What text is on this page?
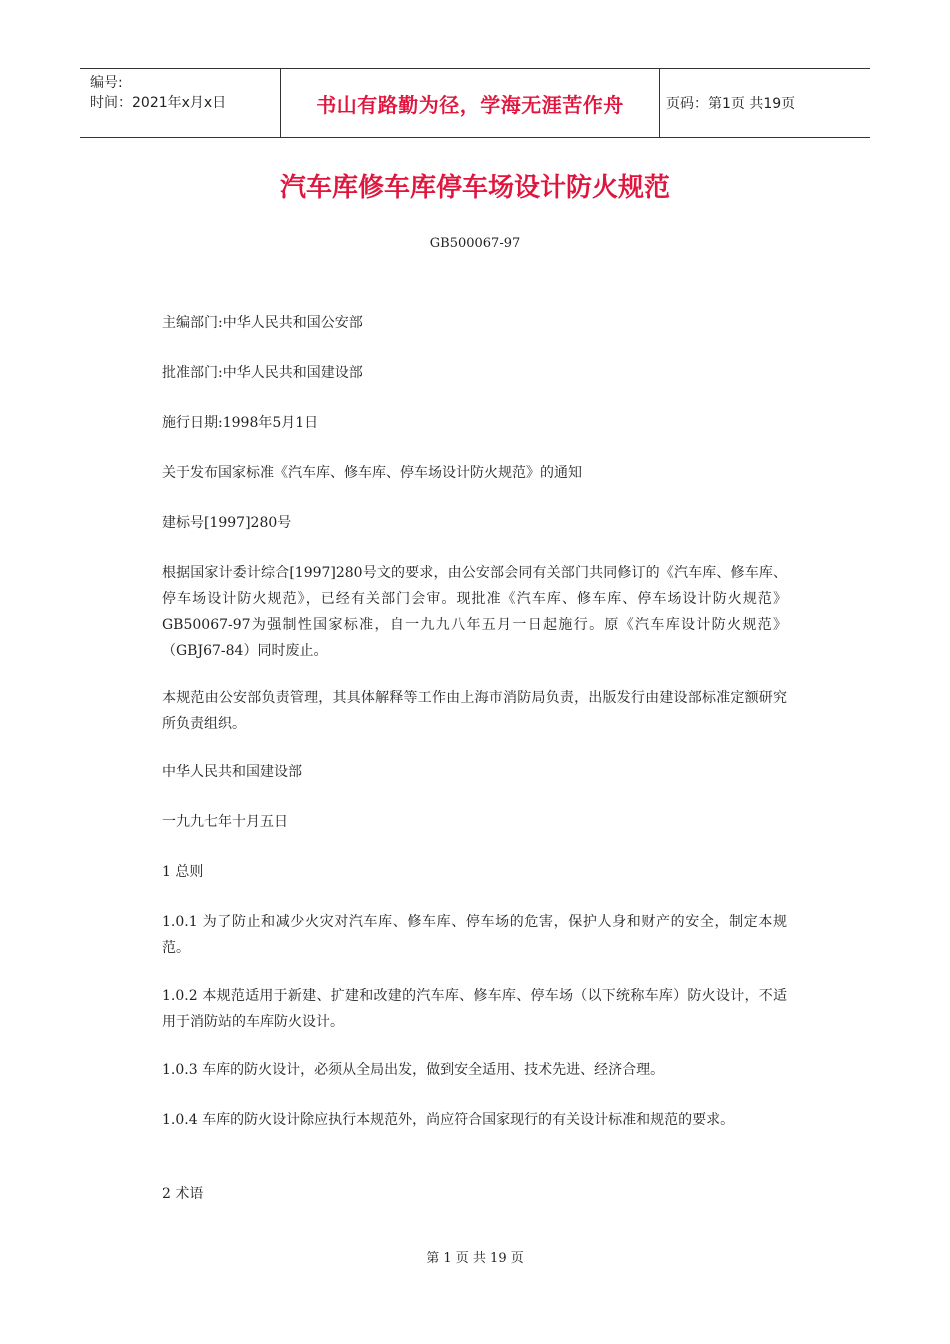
编号:
时间：2021年x月x日	书山有路勤为径，学海无涯苦作舟	页码：第1页 共19页
汽车库修车库停车场设计防火规范
GB500067-97

主编部门:中华人民共和国公安部

批准部门:中华人民共和国建设部

施行日期:1998年5月1日

关于发布国家标准《汽车库、修车库、停车场设计防火规范》的通知

建标号[1997]280号

根据国家计委计综合[1997]280号文的要求，由公安部会同有关部门共同修订的《汽车库、修车库、停车场设计防火规范》，已经有关部门会审。现批准《汽车库、修车库、停车场设计防火规范》GB50067-97为强制性国家标准，自一九九八年五月一日起施行。原《汽车库设计防火规范》（GBJ67-84）同时废止。

本规范由公安部负责管理，其具体解释等工作由上海市消防局负责，出版发行由建设部标准定额研究所负责组织。

中华人民共和国建设部

一九九七年十月五日

1 总则

1.0.1 为了防止和减少火灾对汽车库、修车库、停车场的危害，保护人身和财产的安全，制定本规范。

1.0.2 本规范适用于新建、扩建和改建的汽车库、修车库、停车场（以下统称车库）防火设计，不适用于消防站的车库防火设计。

1.0.3 车库的防火设计，必须从全局出发，做到安全适用、技术先进、经济合理。

1.0.4 车库的防火设计除应执行本规范外，尚应符合国家现行的有关设计标准和规范的要求。

2 术语

第 1 页 共 19 页
